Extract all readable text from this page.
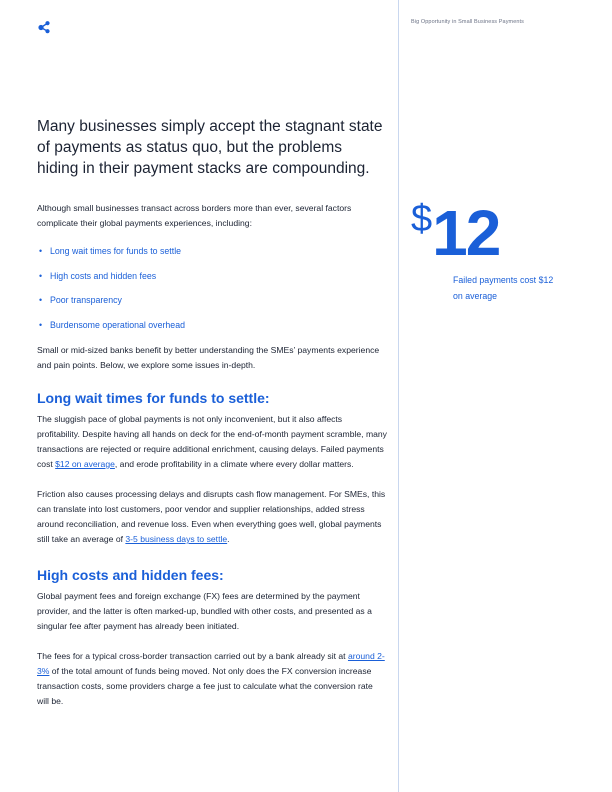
Big Opportunity in Small Business Payments
Many businesses simply accept the stagnant state of payments as status quo, but the problems hiding in their payment stacks are compounding.

Although small businesses transact across borders more than ever, several factors complicate their global payments experiences, including:

• Long wait times for funds to settle
• High costs and hidden fees
• Poor transparency
• Burdensome operational overhead

Small or mid-sized banks benefit by better understanding the SMEs’ payments experience and pain points. Below, we explore some issues in-depth.

Long wait times for funds to settle:

The sluggish pace of global payments is not only inconvenient, but it also affects profitability. Despite having all hands on deck for the end-of-month payment scramble, many transactions are rejected or require additional enrichment, causing delays. Failed payments cost $12 on average, and erode profitability in a climate where every dollar matters.

Friction also causes processing delays and disrupts cash flow management. For SMEs, this can translate into lost customers, poor vendor and supplier relationships, added stress around reconciliation, and revenue loss. Even when everything goes well, global payments still take an average of 3-5 business days to settle.

High costs and hidden fees:

Global payment fees and foreign exchange (FX) fees are determined by the payment provider, and the latter is often marked-up, bundled with other costs, and presented as a singular fee after payment has already been initiated.

The fees for a typical cross-border transaction carried out by a bank already sit at around 2-3% of the total amount of funds being moved. Not only does the FX conversion increase transaction costs, some providers charge a fee just to calculate what the conversion rate will be.

$ 12
Failed payments cost $12 on average
